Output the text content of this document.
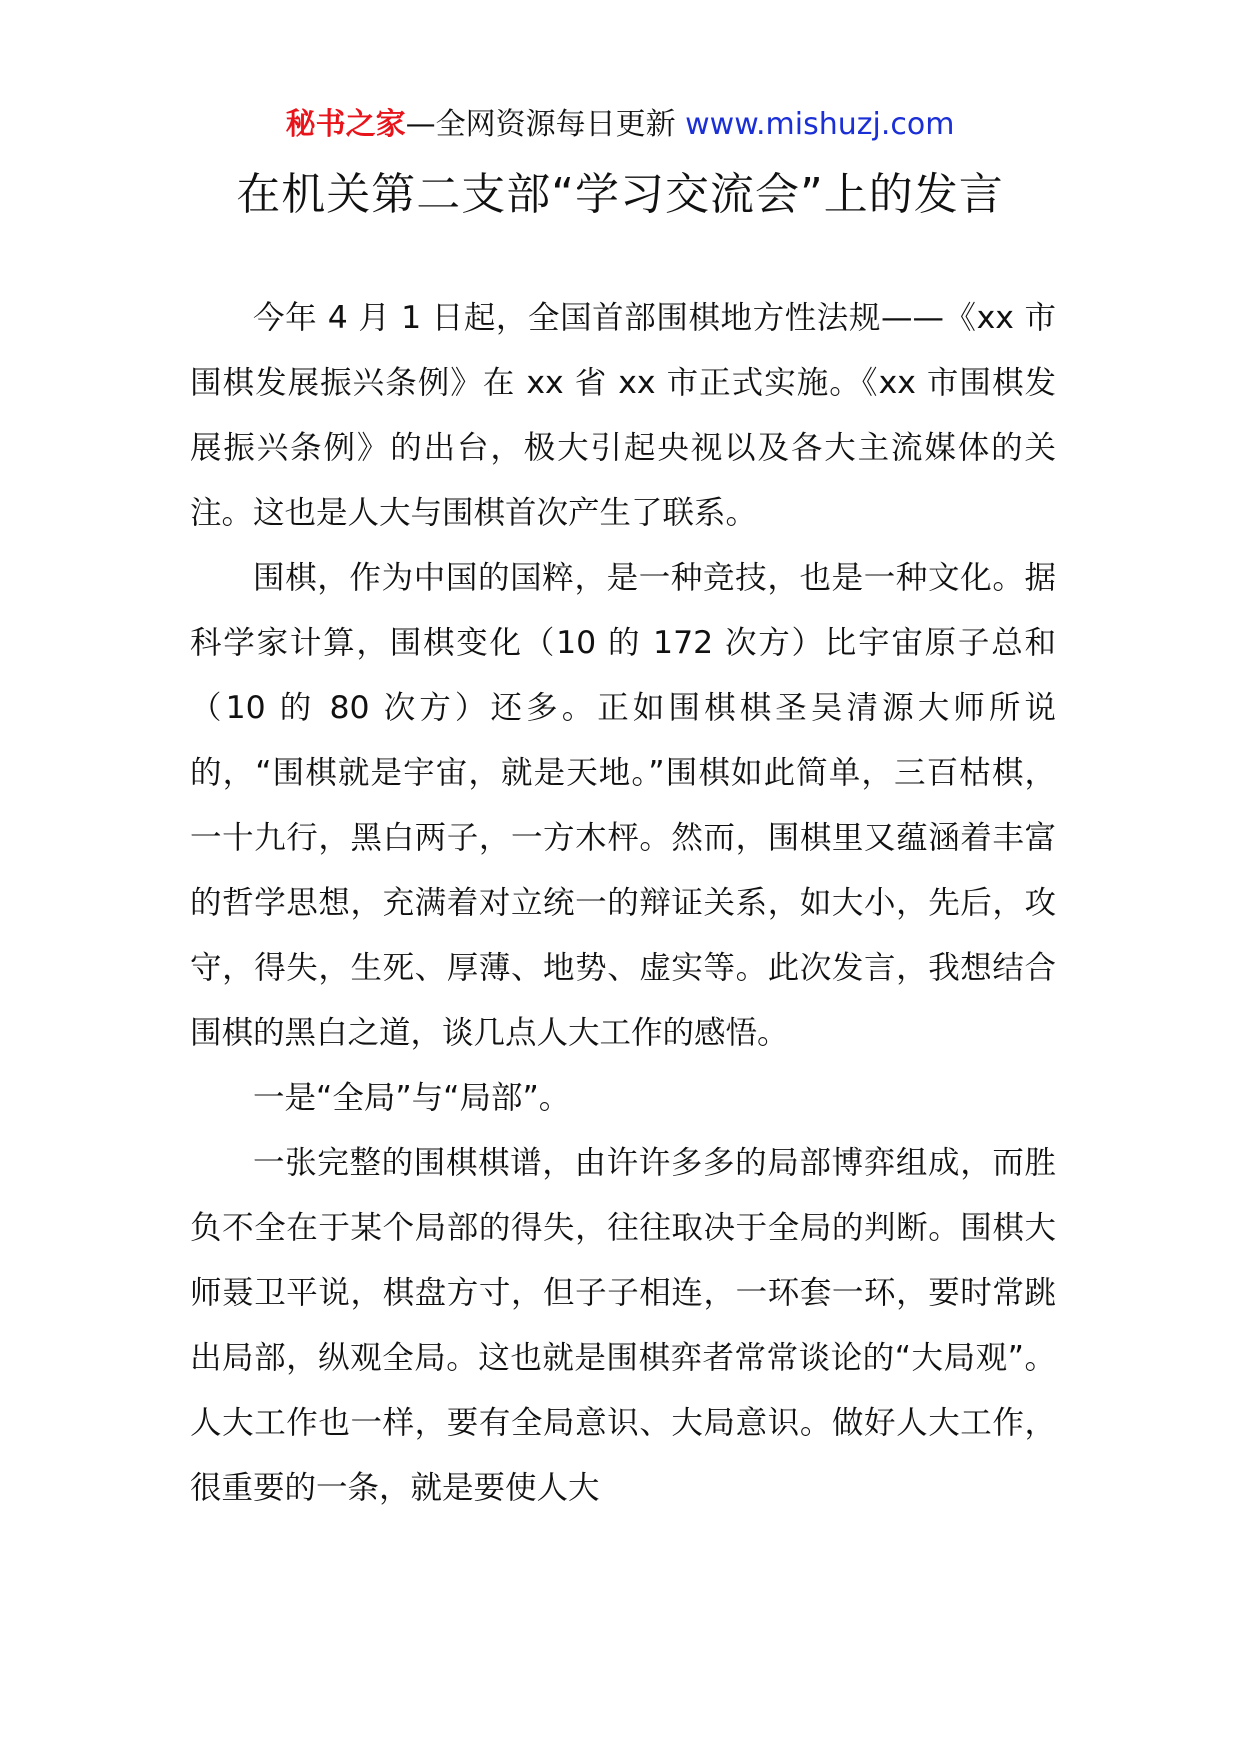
秘书之家—全网资源每日更新 www.mishuzj.com
在机关第二支部“学习交流会”上的发言

今年 4 月 1 日起，全国首部围棋地方性法规——《xx 市围棋发展振兴条例》在 xx 省 xx 市正式实施。《xx 市围棋发展振兴条例》的出台，极大引起央视以及各大主流媒体的关注。这也是人大与围棋首次产生了联系。

围棋，作为中国的国粹，是一种竞技，也是一种文化。据科学家计算，围棋变化（10 的 172 次方）比宇宙原子总和（10 的 80 次方）还多。正如围棋棋圣吴清源大师所说的，“围棋就是宇宙，就是天地。”围棋如此简单，三百枯棋，一十九行，黑白两子，一方木枰。然而，围棋里又蕴涵着丰富的哲学思想，充满着对立统一的辩证关系，如大小，先后，攻守，得失，生死、厚薄、地势、虚实等。此次发言，我想结合围棋的黑白之道，谈几点人大工作的感悟。

一是“全局”与“局部”。

一张完整的围棋棋谱，由许许多多的局部博弈组成，而胜负不全在于某个局部的得失，往往取决于全局的判断。围棋大师聂卫平说，棋盘方寸，但子子相连，一环套一环，要时常跳出局部，纵观全局。这也就是围棋弈者常常谈论的“大局观”。人大工作也一样，要有全局意识、大局意识。做好人大工作，很重要的一条，就是要使人大
